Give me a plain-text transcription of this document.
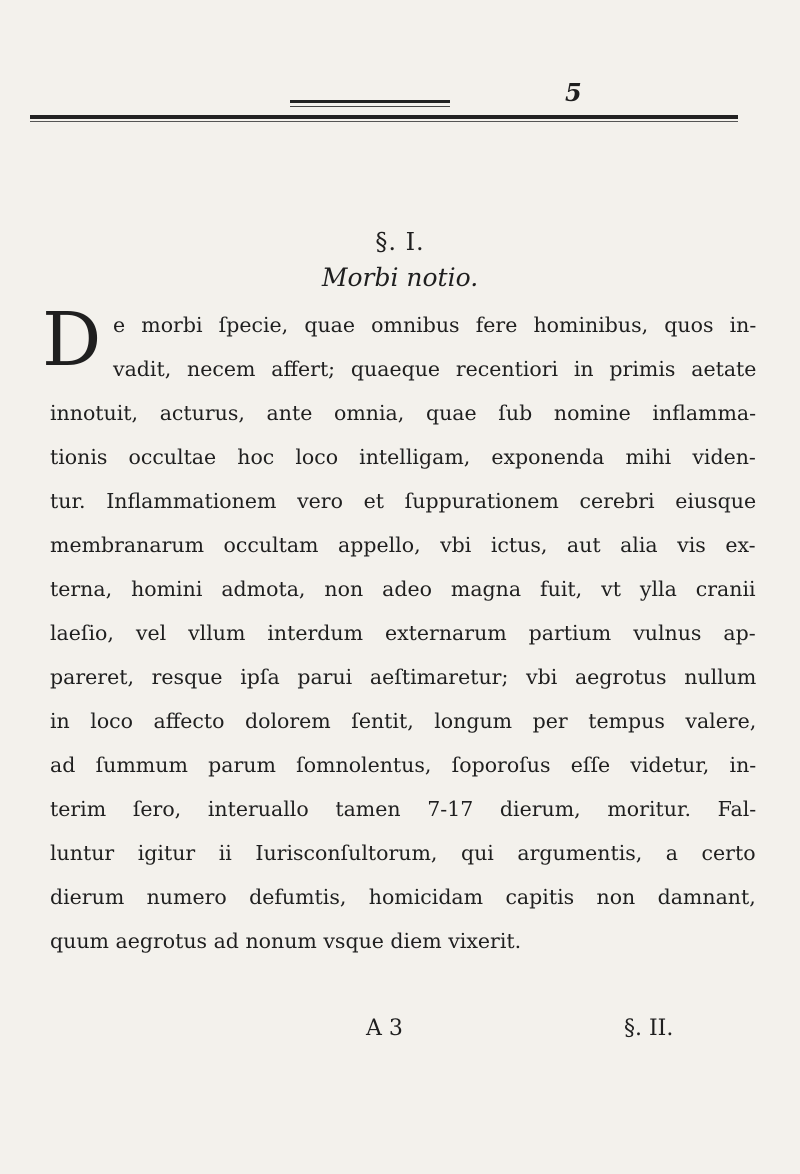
5
§. I.
Morbi notio.
D e morbi ſpecie, quae omnibus fere hominibus, quos in-
vadit, necem affert; quaeque recentiori in primis aetate
innotuit, acturus, ante omnia, quae ſub nomine inflamma-
tionis occultae hoc loco intelligam, exponenda mihi viden-
tur. Inflammationem vero et ſuppurationem cerebri eiusque
membranarum occultam appello, vbi ictus, aut alia vis ex-
terna, homini admota, non adeo magna fuit, vt ylla cranii
laeſio, vel vllum interdum externarum partium vulnus ap-
pareret, resque ipſa parui aeſtimaretur; vbi aegrotus nullum
in loco affecto dolorem ſentit, longum per tempus valere,
ad ſummum parum ſomnolentus, ſoporoſus eſſe videtur, in-
terim ſero, interuallo tamen 7-17 dierum, moritur. Fal-
luntur igitur ii Iurisconſultorum, qui argumentis, a certo
dierum numero defumtis, homicidam capitis non damnant,
quum aegrotus ad nonum vsque diem vixerit.
A 3	§. II.
